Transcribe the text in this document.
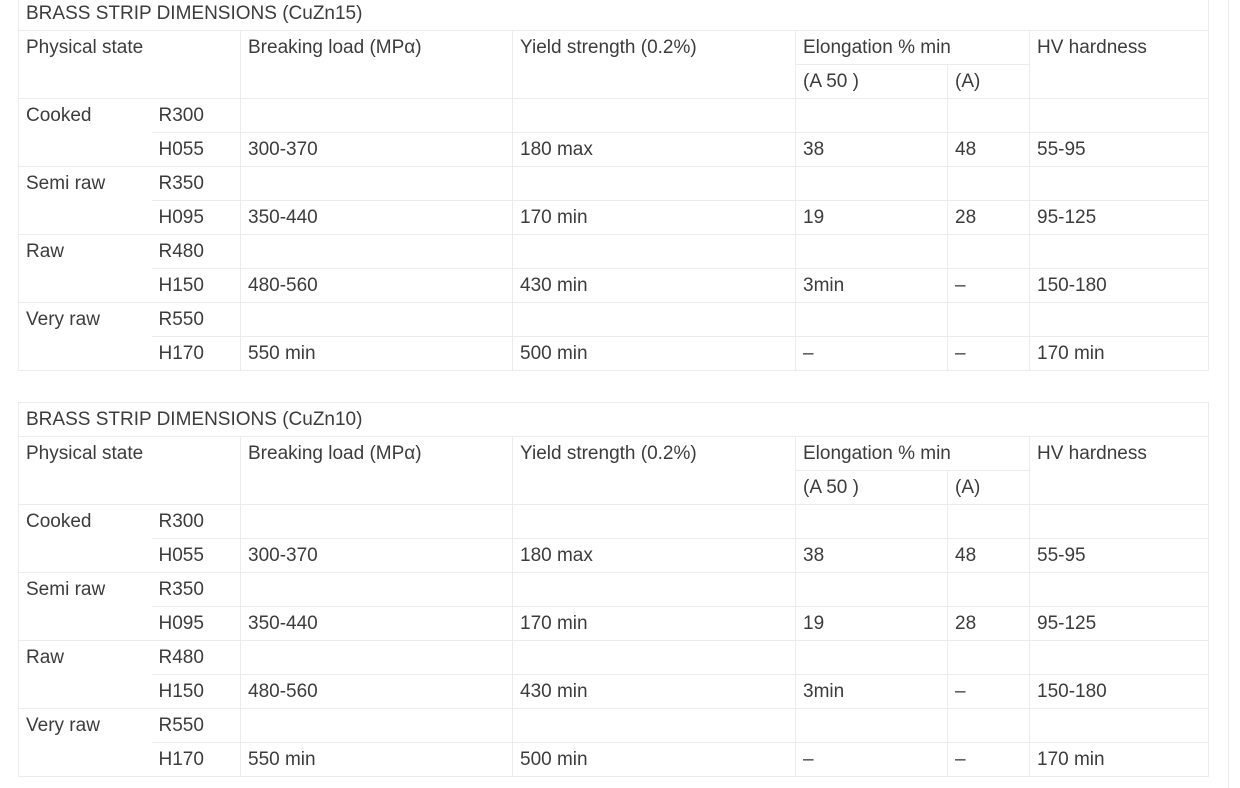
BRASS STRIP DIMENSIONS (CuZn15)						
Physical state		Breaking load (MPα)	Yield strength (0.2%)	Elongation % min		HV hardness
				(A 50 )	(A)	
Cooked	R300					
	H055	300-370	180 max	38	48	55-95
Semi raw	R350					
	H095	350-440	170 min	19	28	95-125
Raw	R480					
	H150	480-560	430 min	3min	–	150-180
Very raw	R550					
	H170	550 min	500 min	–	–	170 min
BRASS STRIP DIMENSIONS (CuZn10)						
Physical state		Breaking load (MPα)	Yield strength (0.2%)	Elongation % min		HV hardness
				(A 50 )	(A)	
Cooked	R300					
	H055	300-370	180 max	38	48	55-95
Semi raw	R350					
	H095	350-440	170 min	19	28	95-125
Raw	R480					
	H150	480-560	430 min	3min	–	150-180
Very raw	R550					
	H170	550 min	500 min	–	–	170 min
